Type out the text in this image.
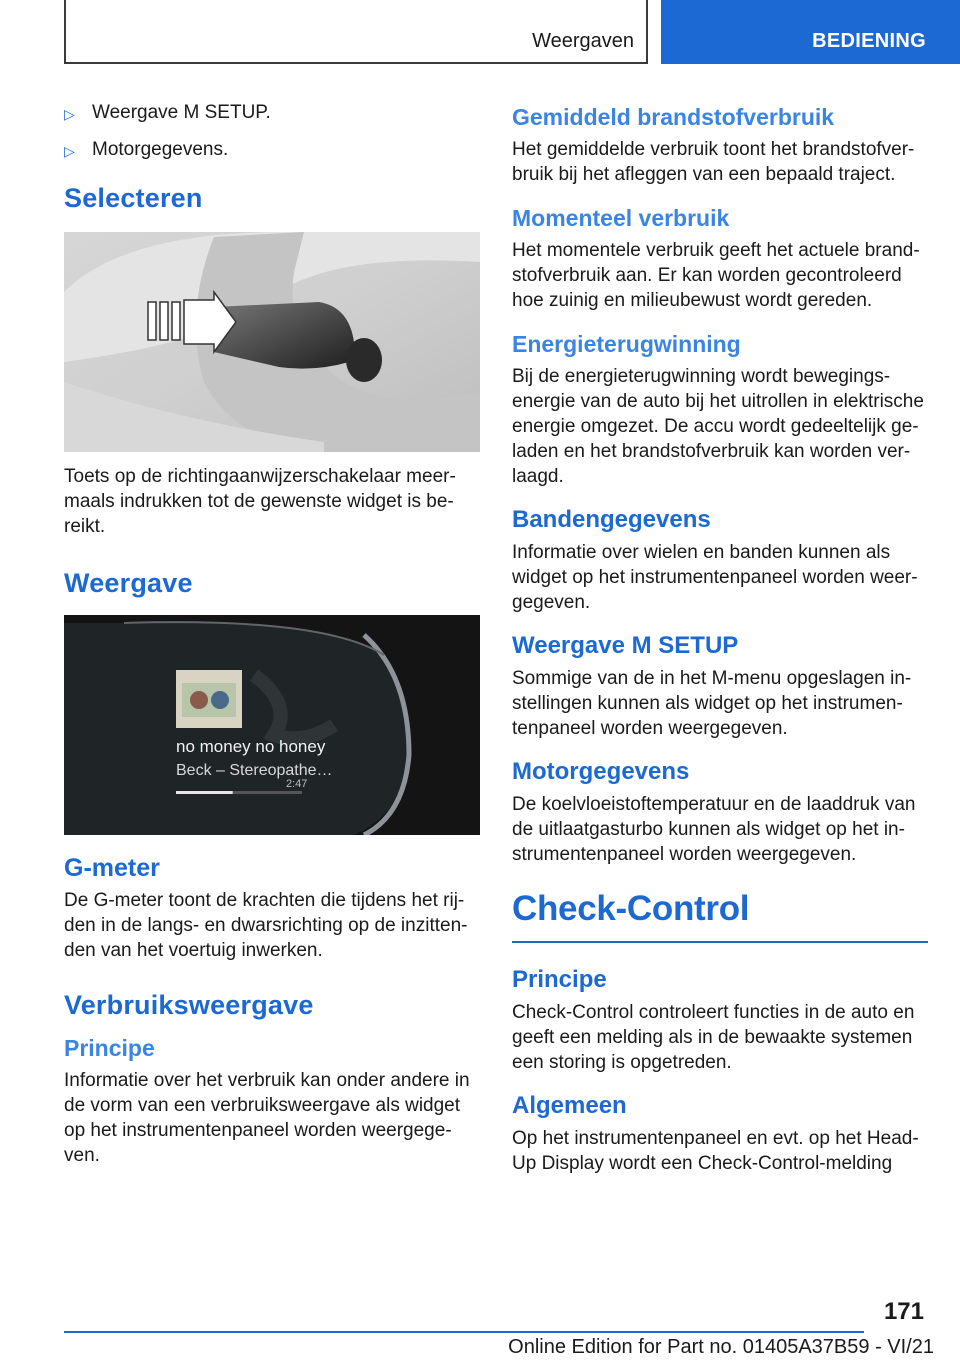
Weergaven	BEDIENING
▷ Weergave M SETUP.
▷ Motorgegevens.
Selecteren

Toets op de richtingaanwijzerschakelaar meer-maals indrukken tot de gewenste widget is be-reikt.

Weergave
no money no honey
Beck – Stereopathe…
2:47
G-meter

De G-meter toont de krachten die tijdens het rij-den in de langs- en dwarsrichting op de inzitten-den van het voertuig inwerken.

Verbruiksweergave
Principe

Informatie over het verbruik kan onder andere in de vorm van een verbruiksweergave als widget op het instrumentenpaneel worden weergege-ven.

Gemiddeld brandstofverbruik

Het gemiddelde verbruik toont het brandstofver-bruik bij het afleggen van een bepaald traject.

Momenteel verbruik

Het momentele verbruik geeft het actuele brand-stofverbruik aan. Er kan worden gecontroleerd hoe zuinig en milieubewust wordt gereden.

Energieterugwinning

Bij de energieterugwinning wordt bewegings-energie van de auto bij het uitrollen in elektrische energie omgezet. De accu wordt gedeeltelijk ge-laden en het brandstofverbruik kan worden ver-laagd.

Bandengegevens

Informatie over wielen en banden kunnen als widget op het instrumentenpaneel worden weer-gegeven.

Weergave M SETUP

Sommige van de in het M-menu opgeslagen in-stellingen kunnen als widget op het instrumen-tenpaneel worden weergegeven.

Motorgegevens

De koelvloeistoftemperatuur en de laaddruk van de uitlaatgasturbo kunnen als widget op het in-strumentenpaneel worden weergegeven.

Check-Control
Principe

Check-Control controleert functies in de auto en geeft een melding als in de bewaakte systemen een storing is opgetreden.

Algemeen

Op het instrumentenpaneel en evt. op het Head-Up Display wordt een Check-Control-melding

171
Online Edition for Part no. 01405A37B59 - VI/21
